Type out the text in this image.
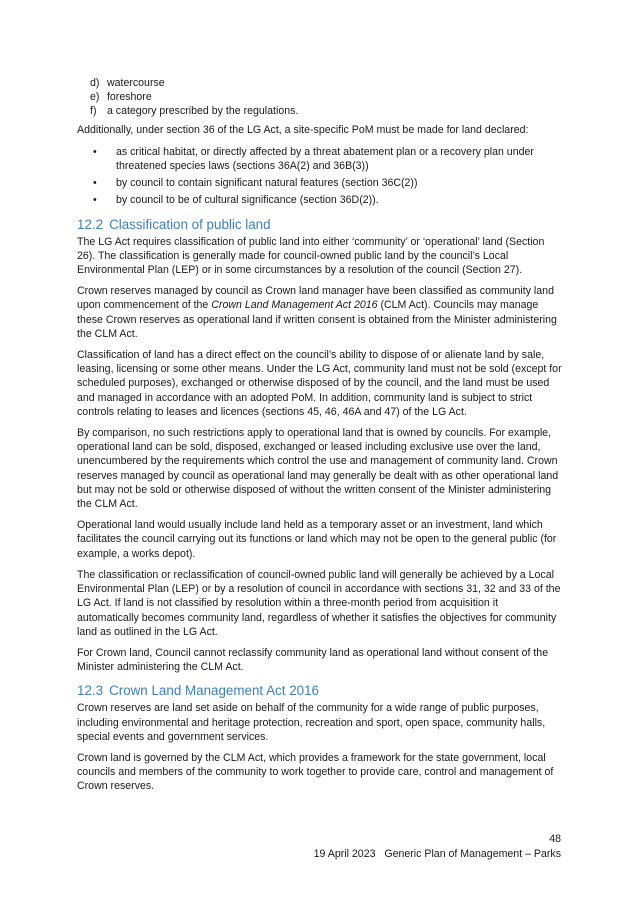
d) watercourse
e) foreshore
f) a category prescribed by the regulations.

Additionally, under section 36 of the LG Act, a site-specific PoM must be made for land declared:

• as critical habitat, or directly affected by a threat abatement plan or a recovery plan under threatened species laws (sections 36A(2) and 36B(3))
• by council to contain significant natural features (section 36C(2))
• by council to be of cultural significance (section 36D(2)).
12.2 Classification of public land

The LG Act requires classification of public land into either ‘community’ or ‘operational’ land (Section 26). The classification is generally made for council-owned public land by the council’s Local Environmental Plan (LEP) or in some circumstances by a resolution of the council (Section 27).

Crown reserves managed by council as Crown land manager have been classified as community land upon commencement of the Crown Land Management Act 2016 (CLM Act). Councils may manage these Crown reserves as operational land if written consent is obtained from the Minister administering the CLM Act.

Classification of land has a direct effect on the council’s ability to dispose of or alienate land by sale, leasing, licensing or some other means. Under the LG Act, community land must not be sold (except for scheduled purposes), exchanged or otherwise disposed of by the council, and the land must be used and managed in accordance with an adopted PoM. In addition, community land is subject to strict controls relating to leases and licences (sections 45, 46, 46A and 47) of the LG Act.

By comparison, no such restrictions apply to operational land that is owned by councils. For example, operational land can be sold, disposed, exchanged or leased including exclusive use over the land, unencumbered by the requirements which control the use and management of community land. Crown reserves managed by council as operational land may generally be dealt with as other operational land but may not be sold or otherwise disposed of without the written consent of the Minister administering the CLM Act.

Operational land would usually include land held as a temporary asset or an investment, land which facilitates the council carrying out its functions or land which may not be open to the general public (for example, a works depot).

The classification or reclassification of council-owned public land will generally be achieved by a Local Environmental Plan (LEP) or by a resolution of council in accordance with sections 31, 32 and 33 of the LG Act. If land is not classified by resolution within a three-month period from acquisition it automatically becomes community land, regardless of whether it satisfies the objectives for community land as outlined in the LG Act.

For Crown land, Council cannot reclassify community land as operational land without consent of the Minister administering the CLM Act.

12.3 Crown Land Management Act 2016

Crown reserves are land set aside on behalf of the community for a wide range of public purposes, including environmental and heritage protection, recreation and sport, open space, community halls, special events and government services.

Crown land is governed by the CLM Act, which provides a framework for the state government, local councils and members of the community to work together to provide care, control and management of Crown reserves.

48
19 April 2023 Generic Plan of Management – Parks
